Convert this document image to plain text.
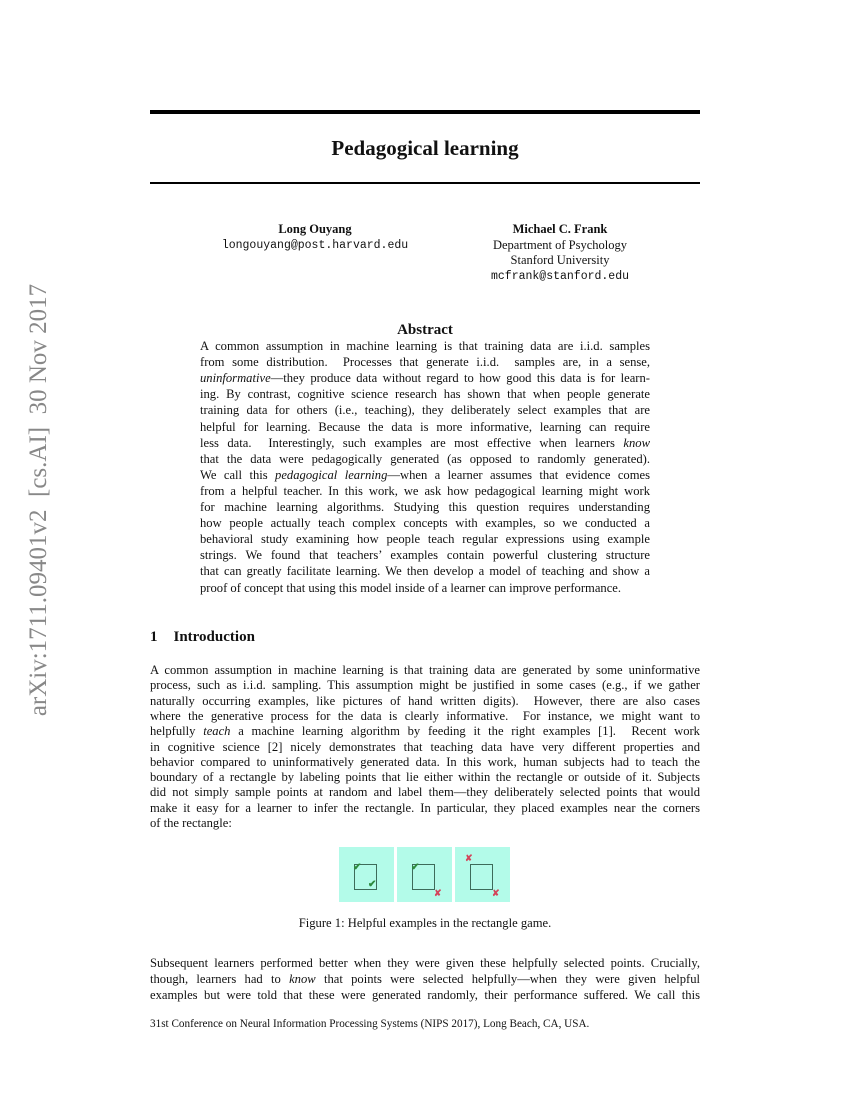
arXiv:1711.09401v2  [cs.AI]  30 Nov 2017
Pedagogical learning
Long Ouyang
longouyang@post.harvard.edu
Michael C. Frank
Department of Psychology
Stanford University
mcfrank@stanford.edu
Abstract
A common assumption in machine learning is that training data are i.i.d. samples
from some distribution.  Processes that generate i.i.d.  samples are, in a sense,
uninformative—they produce data without regard to how good this data is for learn-
ing. By contrast, cognitive science research has shown that when people generate
training data for others (i.e., teaching), they deliberately select examples that are
helpful for learning. Because the data is more informative, learning can require
less data.  Interestingly, such examples are most effective when learners know
that the data were pedagogically generated (as opposed to randomly generated).
We call this pedagogical learning—when a learner assumes that evidence comes
from a helpful teacher. In this work, we ask how pedagogical learning might work
for machine learning algorithms. Studying this question requires understanding
how people actually teach complex concepts with examples, so we conducted a
behavioral study examining how people teach regular expressions using example
strings. We found that teachers’ examples contain powerful clustering structure
that can greatly facilitate learning. We then develop a model of teaching and show a
proof of concept that using this model inside of a learner can improve performance.
1 Introduction
A common assumption in machine learning is that training data are generated by some uninformative
process, such as i.i.d. sampling. This assumption might be justified in some cases (e.g., if we gather
naturally occurring examples, like pictures of hand written digits).  However, there are also cases
where the generative process for the data is clearly informative.  For instance, we might want to
helpfully teach a machine learning algorithm by feeding it the right examples [1].  Recent work
in cognitive science [2] nicely demonstrates that teaching data have very different properties and
behavior compared to uninformatively generated data. In this work, human subjects had to teach the
boundary of a rectangle by labeling points that lie either within the rectangle or outside of it. Subjects
did not simply sample points at random and label them—they deliberately selected points that would
make it easy for a learner to infer the rectangle. In particular, they placed examples near the corners
of the rectangle:
✔
✔
✔
✘
✘
✘
Figure 1: Helpful examples in the rectangle game.
Subsequent learners performed better when they were given these helpfully selected points. Crucially,
though, learners had to know that points were selected helpfully—when they were given helpful
examples but were told that these were generated randomly, their performance suffered. We call this
31st Conference on Neural Information Processing Systems (NIPS 2017), Long Beach, CA, USA.
